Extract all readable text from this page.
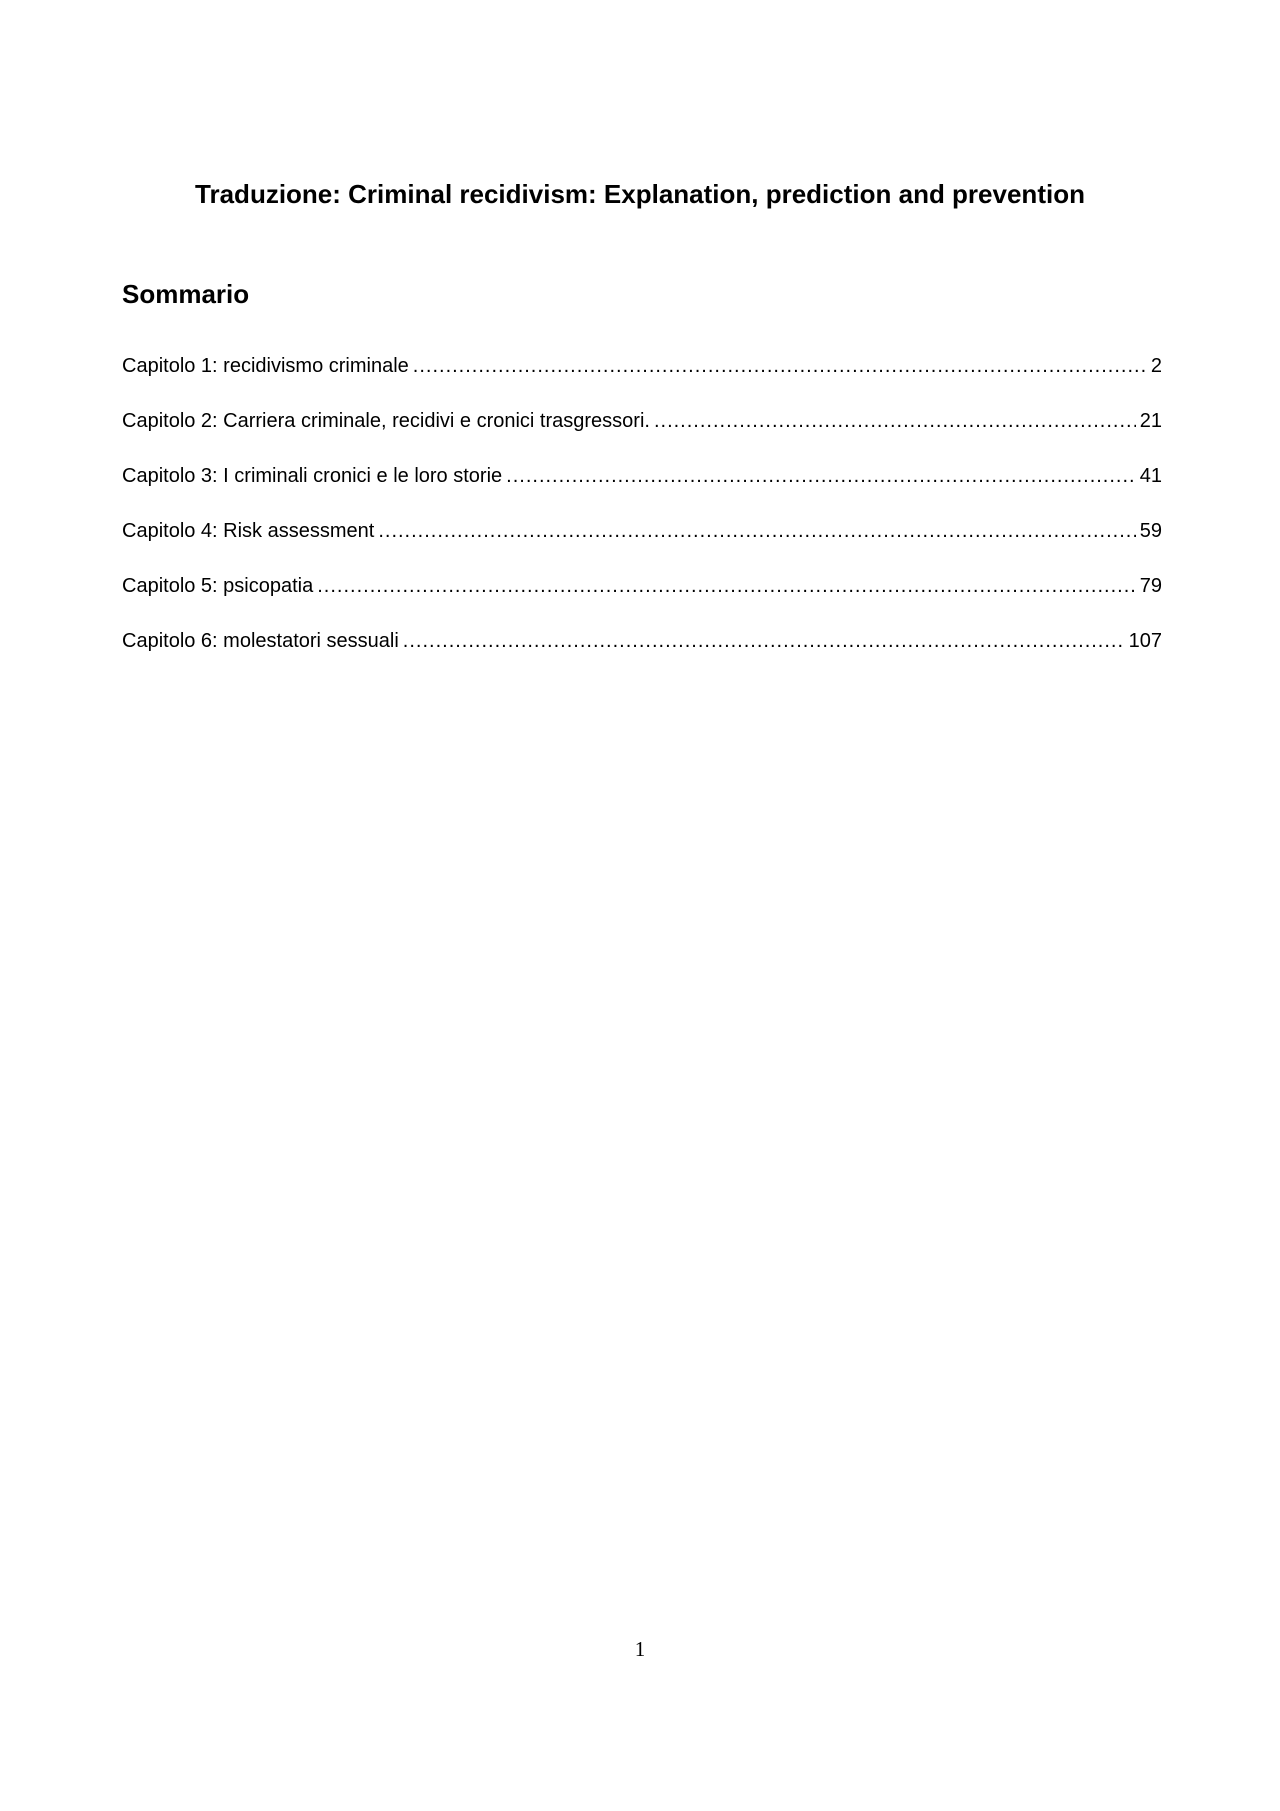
Traduzione: Criminal recidivism: Explanation, prediction and prevention
Sommario
Capitolo 1: recidivismo criminale .....	2
Capitolo 2: Carriera criminale, recidivi e cronici trasgressori. .....	21
Capitolo 3: I criminali cronici e le loro storie .....	41
Capitolo 4: Risk assessment .....	59
Capitolo 5: psicopatia .....	79
Capitolo 6: molestatori sessuali .....	107
1
